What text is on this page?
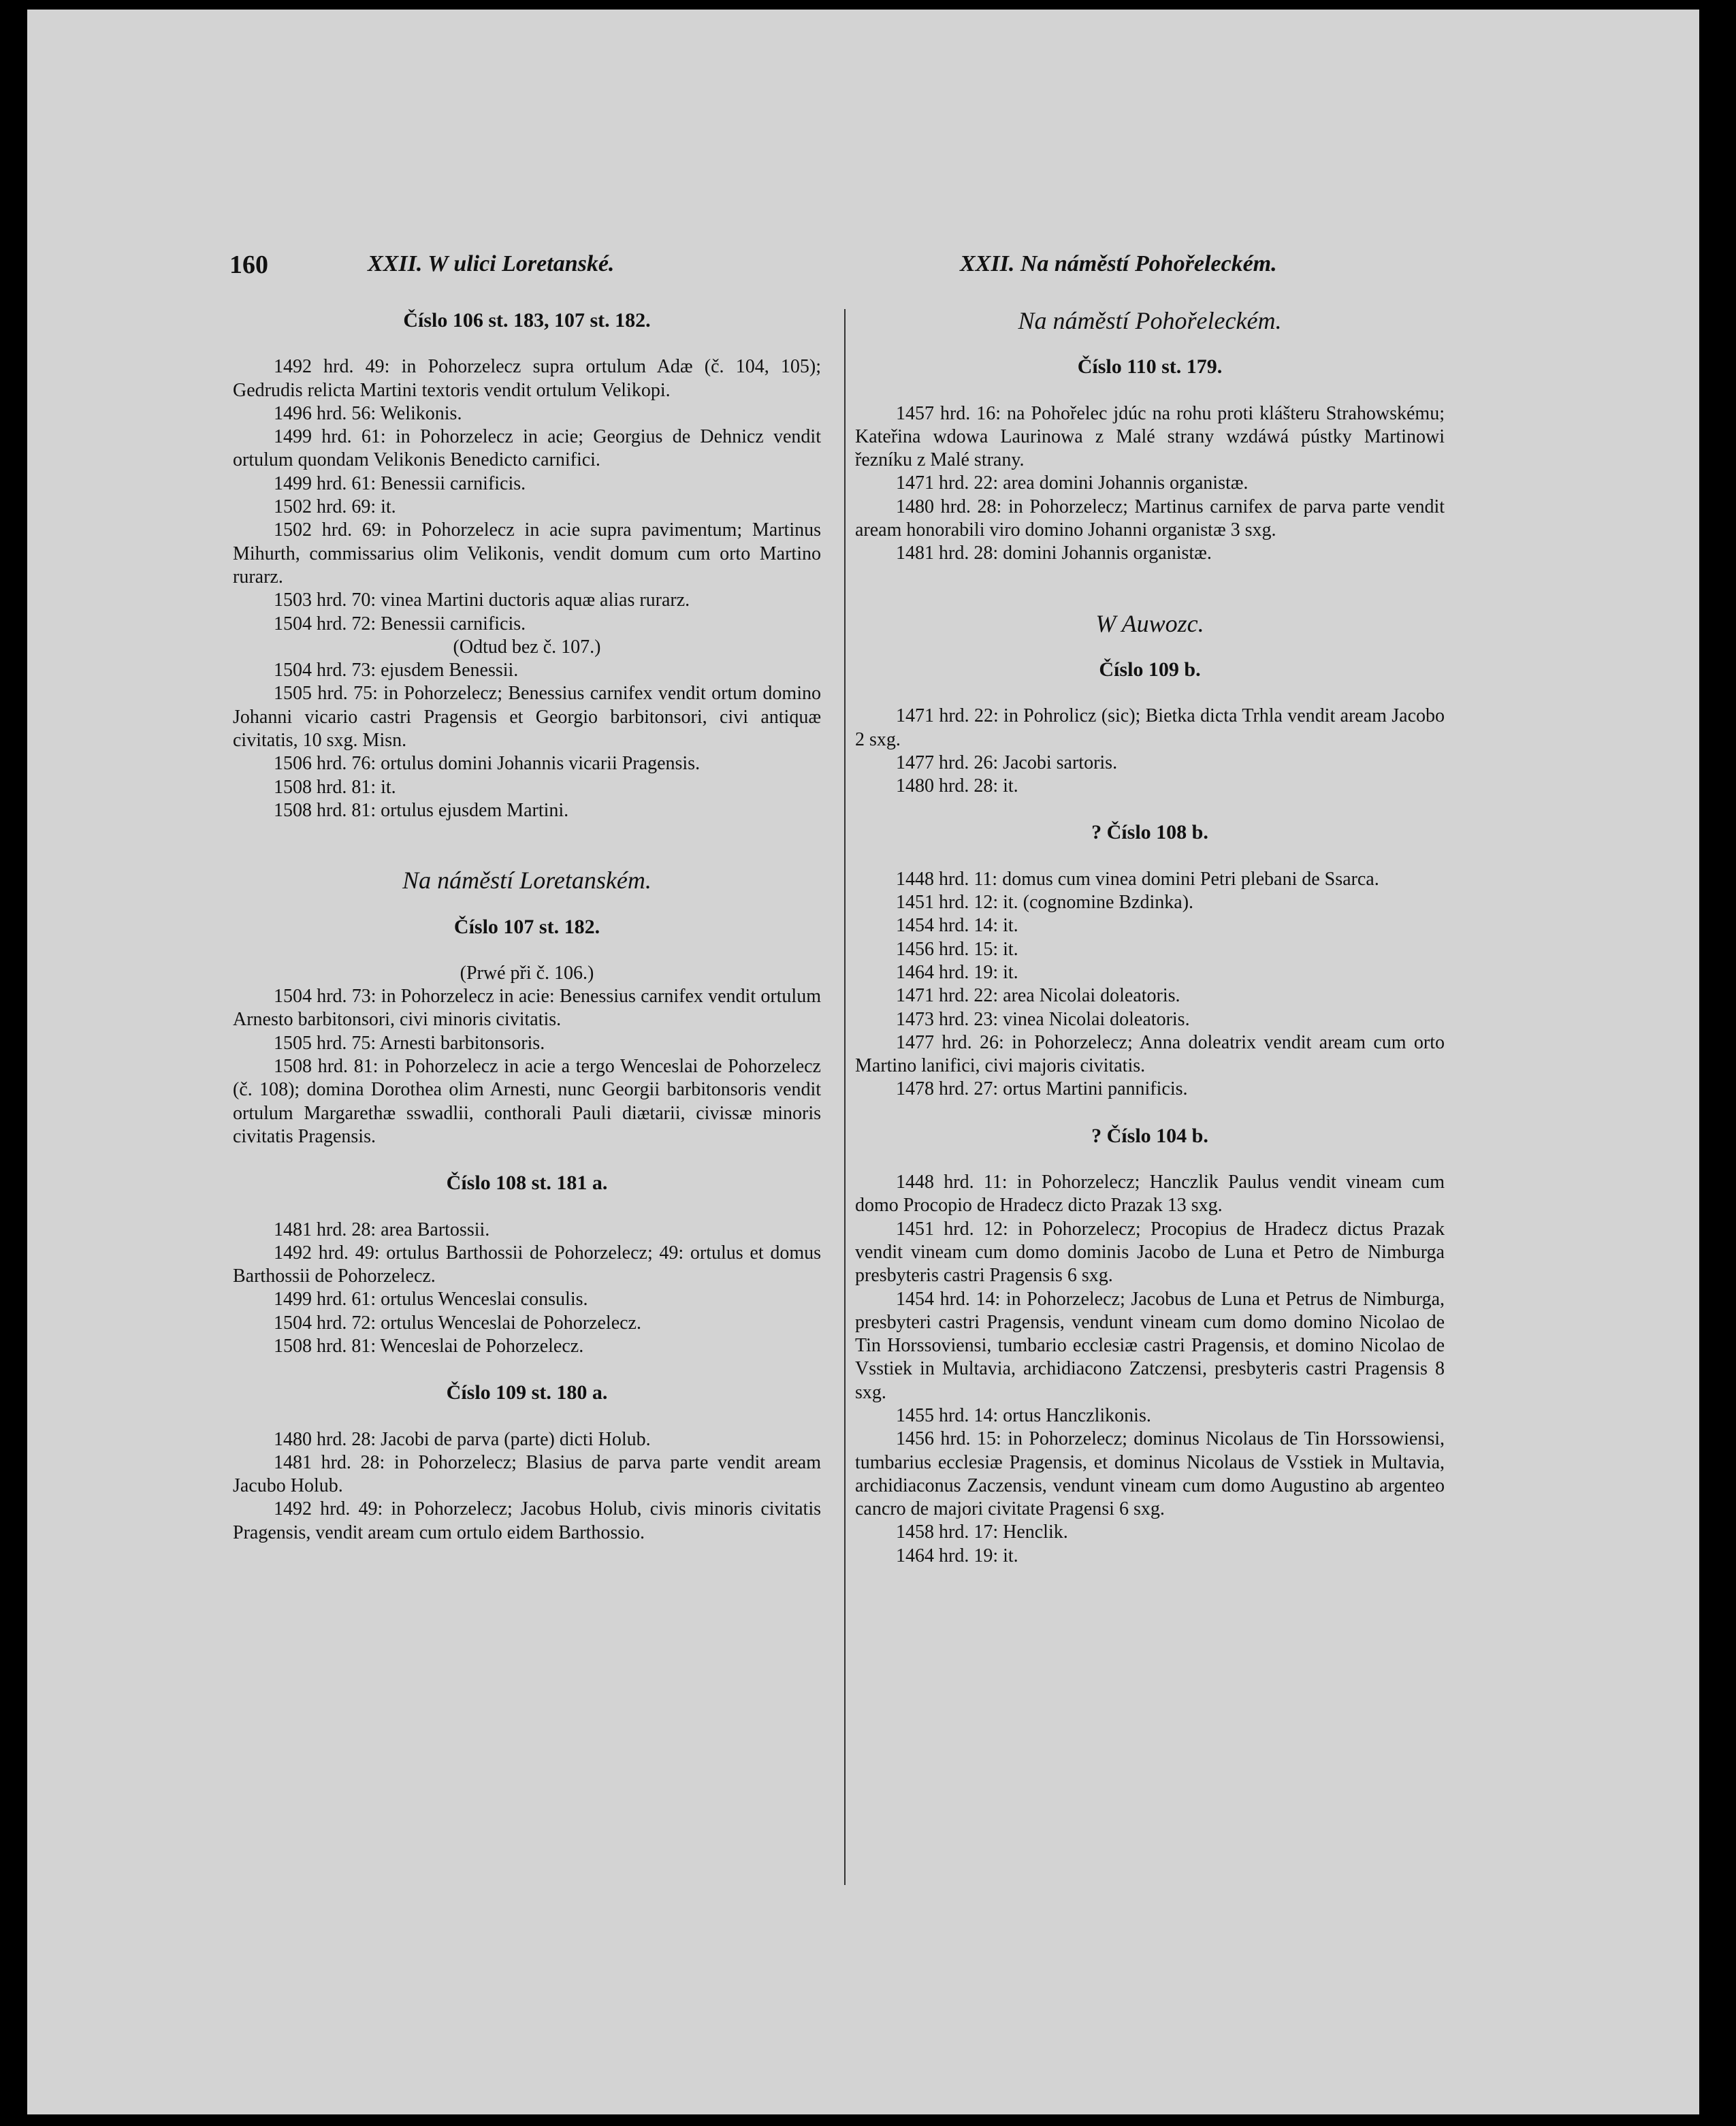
160	XXII. W ulici Loretanské.	XXII. Na náměstí Pohořeleckém.
Číslo 106 st. 183, 107 st. 182.
1492 hrd. 49: in Pohorzelecz supra ortulum Adæ (č. 104, 105); Gedrudis relicta Martini textoris vendit ortulum Velikopi.
1496 hrd. 56: Welikonis.
1499 hrd. 61: in Pohorzelecz in acie; Georgius de Dehnicz vendit ortulum quondam Velikonis Benedicto carnifici.
1499 hrd. 61: Benessii carnificis.
1502 hrd. 69: it.
1502 hrd. 69: in Pohorzelecz in acie supra pavimentum; Martinus Mihurth, commissarius olim Velikonis, vendit domum cum orto Martino rurarz.
1503 hrd. 70: vinea Martini ductoris aquæ alias rurarz.
1504 hrd. 72: Benessii carnificis.
(Odtud bez č. 107.)
1504 hrd. 73: ejusdem Benessii.
1505 hrd. 75: in Pohorzelecz; Benessius carnifex vendit ortum domino Johanni vicario castri Pragensis et Georgio barbitonsori, civi antiquæ civitatis, 10 sxg. Misn.
1506 hrd. 76: ortulus domini Johannis vicarii Pragensis.
1508 hrd. 81: it.
1508 hrd. 81: ortulus ejusdem Martini.
Na náměstí Loretanském.
Číslo 107 st. 182.
(Prwé při č. 106.)
1504 hrd. 73: in Pohorzelecz in acie: Benessius carnifex vendit ortulum Arnesto barbitonsori, civi minoris civitatis.
1505 hrd. 75: Arnesti barbitonsoris.
1508 hrd. 81: in Pohorzelecz in acie a tergo Wenceslai de Pohorzelecz (č. 108); domina Dorothea olim Arnesti, nunc Georgii barbitonsoris vendit ortulum Margarethæ sswadlii, conthorali Pauli diætarii, civissæ minoris civitatis Pragensis.
Číslo 108 st. 181 a.
1481 hrd. 28: area Bartossii.
1492 hrd. 49: ortulus Barthossii de Pohorzelecz; 49: ortulus et domus Barthossii de Pohorzelecz.
1499 hrd. 61: ortulus Wenceslai consulis.
1504 hrd. 72: ortulus Wenceslai de Pohorzelecz.
1508 hrd. 81: Wenceslai de Pohorzelecz.
Číslo 109 st. 180 a.
1480 hrd. 28: Jacobi de parva (parte) dicti Holub.
1481 hrd. 28: in Pohorzelecz; Blasius de parva parte vendit aream Jacubo Holub.
1492 hrd. 49: in Pohorzelecz; Jacobus Holub, civis minoris civitatis Pragensis, vendit aream cum ortulo eidem Barthossio.
Na náměstí Pohořeleckém.
Číslo 110 st. 179.
1457 hrd. 16: na Pohořelec jdúc na rohu proti klášteru Strahowskému; Kateřina wdowa Laurinowa z Malé strany wzdáwá pústky Martinowi řezníku z Malé strany.
1471 hrd. 22: area domini Johannis organistæ.
1480 hrd. 28: in Pohorzelecz; Martinus carnifex de parva parte vendit aream honorabili viro domino Johanni organistæ 3 sxg.
1481 hrd. 28: domini Johannis organistæ.
W Auwozc.
Číslo 109 b.
1471 hrd. 22: in Pohrolicz (sic); Bietka dicta Trhla vendit aream Jacobo 2 sxg.
1477 hrd. 26: Jacobi sartoris.
1480 hrd. 28: it.
? Číslo 108 b.
1448 hrd. 11: domus cum vinea domini Petri plebani de Ssarca.
1451 hrd. 12: it. (cognomine Bzdinka).
1454 hrd. 14: it.
1456 hrd. 15: it.
1464 hrd. 19: it.
1471 hrd. 22: area Nicolai doleatoris.
1473 hrd. 23: vinea Nicolai doleatoris.
1477 hrd. 26: in Pohorzelecz; Anna doleatrix vendit aream cum orto Martino lanifici, civi majoris civitatis.
1478 hrd. 27: ortus Martini pannificis.
? Číslo 104 b.
1448 hrd. 11: in Pohorzelecz; Hanczlik Paulus vendit vineam cum domo Procopio de Hradecz dicto Prazak 13 sxg.
1451 hrd. 12: in Pohorzelecz; Procopius de Hradecz dictus Prazak vendit vineam cum domo dominis Jacobo de Luna et Petro de Nimburga presbyteris castri Pragensis 6 sxg.
1454 hrd. 14: in Pohorzelecz; Jacobus de Luna et Petrus de Nimburga, presbyteri castri Pragensis, vendunt vineam cum domo domino Nicolao de Tin Horssoviensi, tumbario ecclesiæ castri Pragensis, et domino Nicolao de Vsstiek in Multavia, archidiacono Zatczensi, presbyteris castri Pragensis 8 sxg.
1455 hrd. 14: ortus Hanczlikonis.
1456 hrd. 15: in Pohorzelecz; dominus Nicolaus de Tin Horssowiensi, tumbarius ecclesiæ Pragensis, et dominus Nicolaus de Vsstiek in Multavia, archidiaconus Zaczensis, vendunt vineam cum domo Augustino ab argenteo cancro de majori civitate Pragensi 6 sxg.
1458 hrd. 17: Henclik.
1464 hrd. 19: it.
